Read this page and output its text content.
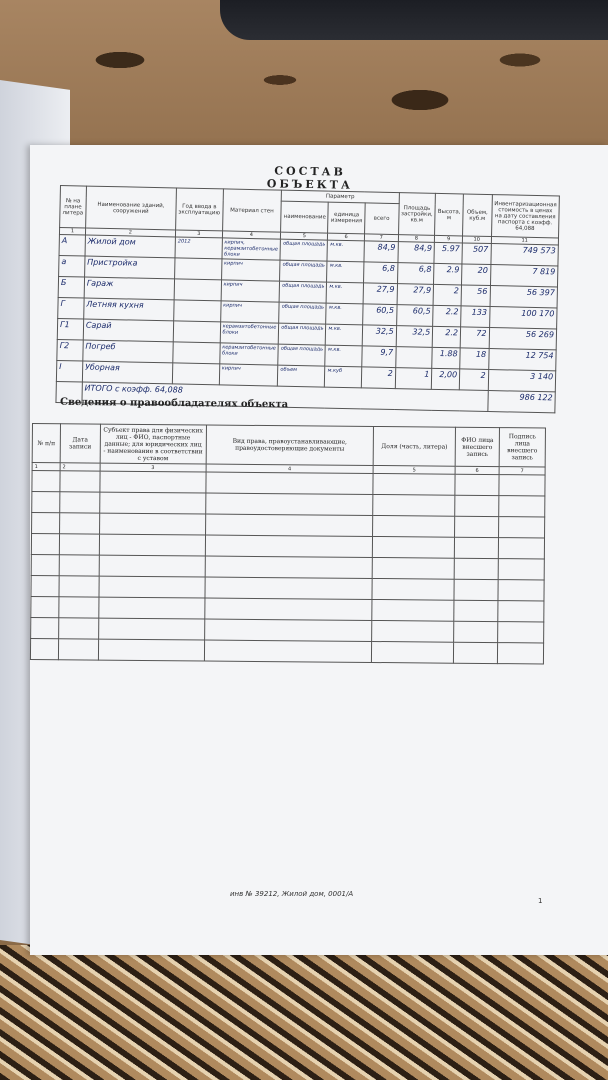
СОСТАВ ОБЪЕКТА
№ на плане литера	Наименование зданий, сооружений	Год ввода в эксплуатацию	Материал стен	Параметр			Площадь застройки, кв.м	Высота, м	Объем, куб.м	Инвентаризационная стоимость в ценах на дату составления паспорта с коэфф. 64,088
				наименование	единица измерения	всего				
1	2	3	4	5	6	7	8	9	10	11
А	Жилой дом	2012	кирпич, керамзитобетонные блоки	общая площадь	м.кв.	84,9	84,9	5.97	507	749 573
а	Пристройка		кирпич	общая площадь	м.кв.	6,8	6,8	2.9	20	7 819
Б	Гараж		кирпич	общая площадь	м.кв.	27,9	27,9	2	56	56 397
Г	Летняя кухня		кирпич	общая площадь	м.кв.	60,5	60,5	2.2	133	100 170
Г1	Сарай		керамзитобетонные блоки	общая площадь	м.кв.	32,5	32,5	2.2	72	56 269
Г2	Погреб		керамзитобетонные блоки	общая площадь	м.кв.	9,7		1.88	18	12 754
I	Уборная		кирпич	объем	м.куб	2	1	2,00	2	3 140
	ИТОГО с коэфф. 64,088									986 122
Сведения о правообладателях объекта
№ п/п	Дата записи	Субъект права для физических лиц - ФИО, паспортные данные; для юридических лиц - наименование в соответствии с уставом	Вид права, правоустанавливающие, правоудостоверяющие документы	Доля (часть, литера)	ФИО лица внесшего запись	Подпись лица внесшего запись
1	2	3	4	5	6	7

инв № 39212, Жилой дом, 0001/А
1
